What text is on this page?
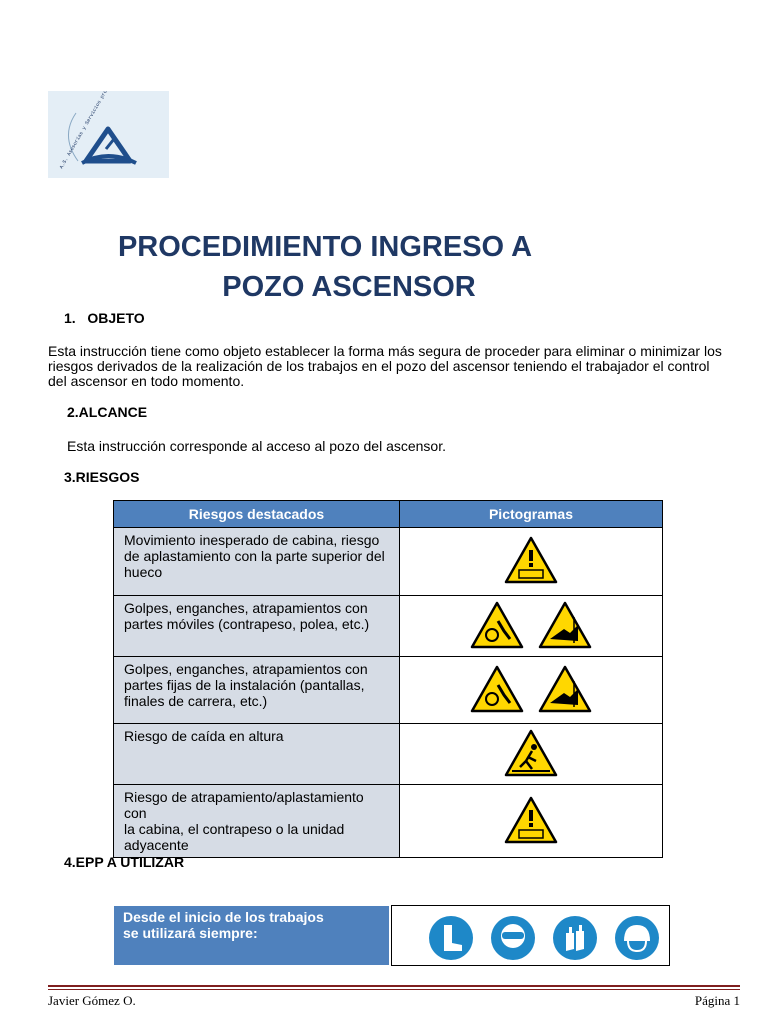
A.S. Asesorías y Servicios profesionales
PROCEDIMIENTO INGRESO A
POZO ASCENSOR
1.   OBJETO
Esta instrucción tiene como objeto establecer la forma más segura de proceder para eliminar o minimizar los
riesgos derivados de la realización de los trabajos en el pozo del ascensor teniendo el trabajador el control
del ascensor en todo momento.
2.ALCANCE
Esta instrucción corresponde al acceso al pozo del ascensor.
3.RIESGOS
Riesgos destacados	Pictogramas

Movimiento inesperado de cabina, riesgo
de aplastamiento con la parte superior del
hueco

Golpes, enganches, atrapamientos con
partes móviles (contrapeso, polea, etc.)

Golpes, enganches, atrapamientos con
partes fijas de la instalación (pantallas,
finales de carrera, etc.)

Riesgo de caída en altura

Riesgo de atrapamiento/aplastamiento con
la cabina, el contrapeso o la unidad
adyacente

4.EPP A UTILIZAR
Desde el inicio de los trabajos
se utilizará siempre:
Javier Gómez O.	Página 1
